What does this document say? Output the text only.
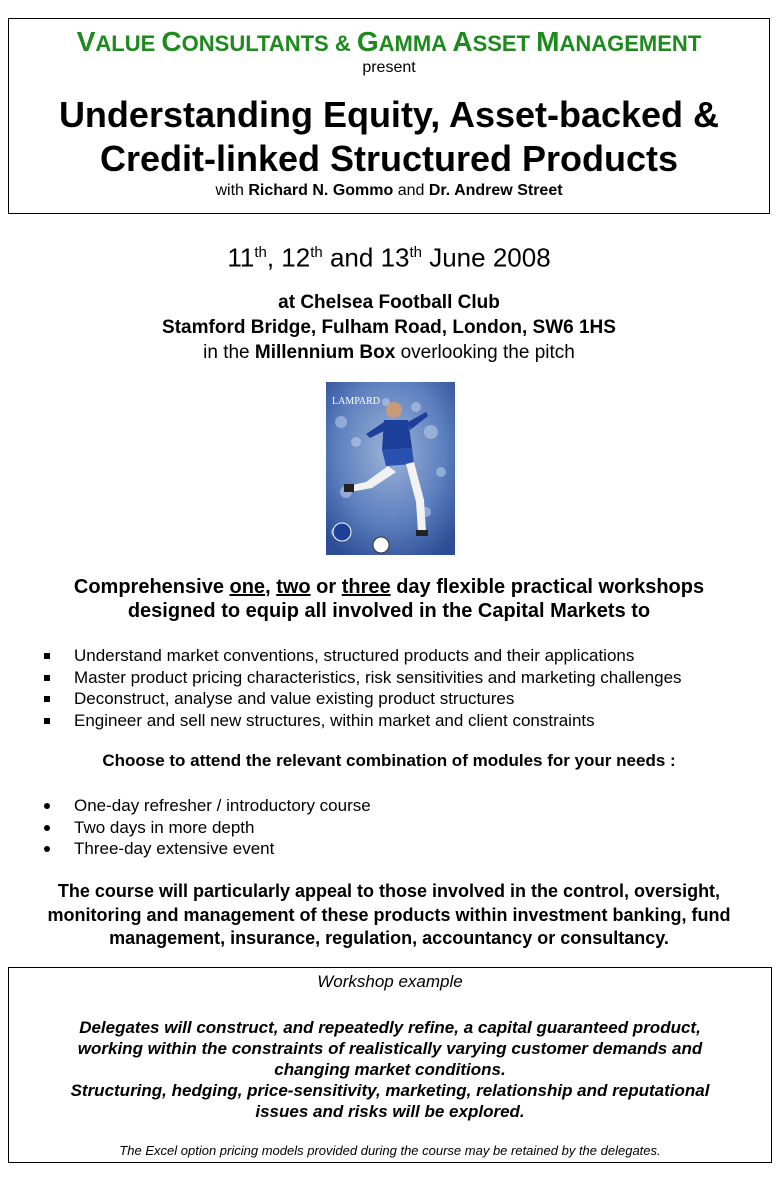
VALUE CONSULTANTS & GAMMA ASSET MANAGEMENT
present
Understanding Equity, Asset-backed &
Credit-linked Structured Products
with Richard N. Gommo and Dr. Andrew Street
11th, 12th and 13th June 2008
at Chelsea Football Club
Stamford Bridge, Fulham Road, London, SW6 1HS
in the Millennium Box overlooking the pitch
LAMPARD
Comprehensive one, two or three day flexible practical workshops
designed to equip all involved in the Capital Markets to
Understand market conventions, structured products and their applications
Master product pricing characteristics, risk sensitivities and marketing challenges
Deconstruct, analyse and value existing product structures
Engineer and sell new structures, within market and client constraints
Choose to attend the relevant combination of modules for your needs :
One-day refresher / introductory course
Two days in more depth
Three-day extensive event
The course will particularly appeal to those involved in the control, oversight,
monitoring and management of these products within investment banking, fund
management, insurance, regulation, accountancy or consultancy.
Workshop example
Delegates will construct, and repeatedly refine, a capital guaranteed product,
working within the constraints of realistically varying customer demands and
changing market conditions.
Structuring, hedging, price-sensitivity, marketing, relationship and reputational
issues and risks will be explored.
The Excel option pricing models provided during the course may be retained by the delegates.
